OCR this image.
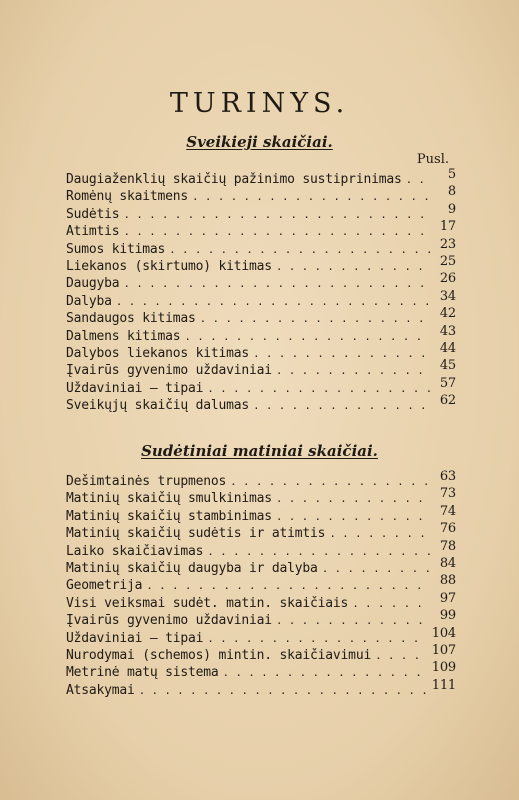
TURINYS.
Sveikieji skaičiai.
Pusl.
Daugiaženklių skaičių pažinimo sustiprinimas . . .	5
Romėnų skaitmens . . .	8
Sudėtis . . .	9
Atimtis . . .	17
Sumos kitimas . . .	23
Liekanos (skirtumo) kitimas . . .	25
Daugyba . . .	26
Dalyba . . .	34
Sandaugos kitimas . . .	42
Dalmens kitimas . . .	43
Dalybos liekanos kitimas . . .	44
Įvairūs gyvenimo uždaviniai . . .	45
Uždaviniai — tipai . . .	57
Sveikųjų skaičių dalumas . . .	62
Sudėtiniai matiniai skaičiai.
Dešimtainės trupmenos . . .	63
Matinių skaičių smulkinimas . . .	73
Matinių skaičių stambinimas . . .	74
Matinių skaičių sudėtis ir atimtis . . .	76
Laiko skaičiavimas . . .	78
Matinių skaičių daugyba ir dalyba . . .	84
Geometrija . . .	88
Visi veiksmai sudėt. matin. skaičiais . . .	97
Įvairūs gyvenimo uždaviniai . . .	99
Uždaviniai — tipai . . .	104
Nurodymai (schemos) mintin. skaičiavimui . . .	107
Metrinė matų sistema . . .	109
Atsakymai . . .	111
